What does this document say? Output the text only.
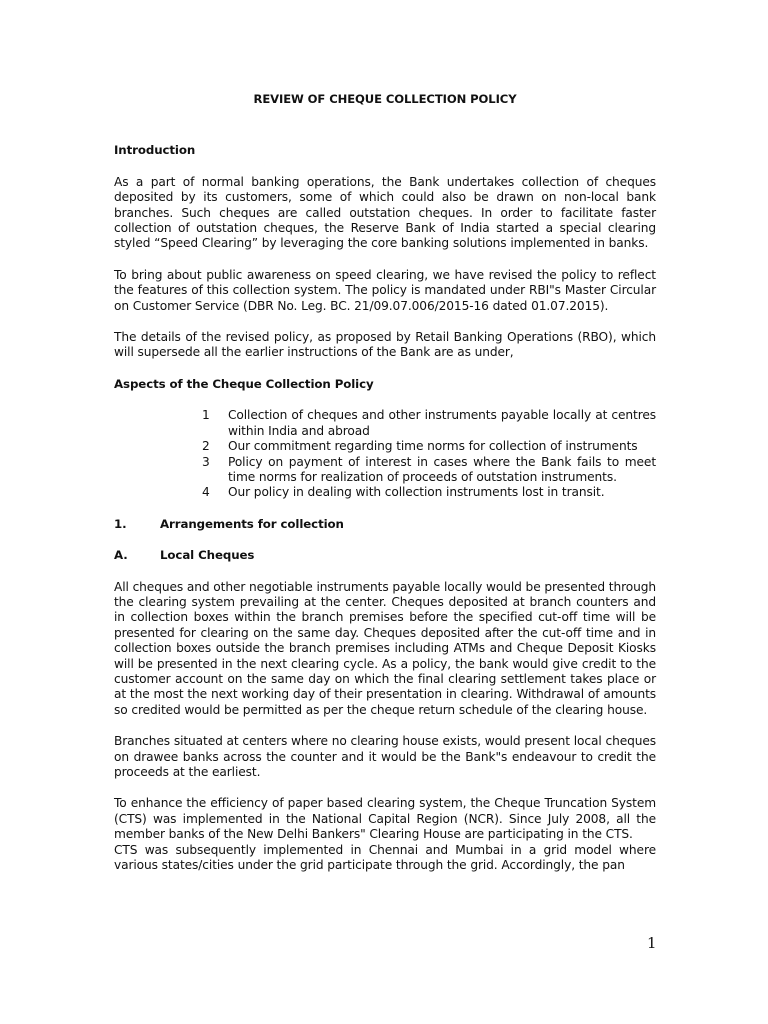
REVIEW OF CHEQUE COLLECTION POLICY
Introduction

As a part of normal banking operations, the Bank undertakes collection of cheques deposited by its customers, some of which could also be drawn on non-local bank branches. Such cheques are called outstation cheques. In order to facilitate faster collection of outstation cheques, the Reserve Bank of India started a special clearing styled “Speed Clearing” by leveraging the core banking solutions implemented in banks.

To bring about public awareness on speed clearing, we have revised the policy to reflect the features of this collection system. The policy is mandated under RBI"s Master Circular on Customer Service (DBR No. Leg. BC. 21/09.07.006/2015-16 dated 01.07.2015).

The details of the revised policy, as proposed by Retail Banking Operations (RBO), which will supersede all the earlier instructions of the Bank are as under,

Aspects of the Cheque Collection Policy
1	Collection of cheques and other instruments payable locally at centres within India and abroad
2	Our commitment regarding time norms for collection of instruments
3	Policy on payment of interest in cases where the Bank fails to meet time norms for realization of proceeds of outstation instruments.
4	Our policy in dealing with collection instruments lost in transit.
1.	Arrangements for collection
A.	Local Cheques

All cheques and other negotiable instruments payable locally would be presented through the clearing system prevailing at the center. Cheques deposited at branch counters and in collection boxes within the branch premises before the specified cut-off time will be presented for clearing on the same day. Cheques deposited after the cut-off time and in collection boxes outside the branch premises including ATMs and Cheque Deposit Kiosks will be presented in the next clearing cycle. As a policy, the bank would give credit to the customer account on the same day on which the final clearing settlement takes place or at the most the next working day of their presentation in clearing. Withdrawal of amounts so credited would be permitted as per the cheque return schedule of the clearing house.

Branches situated at centers where no clearing house exists, would present local cheques on drawee banks across the counter and it would be the Bank"s endeavour to credit the proceeds at the earliest.

To enhance the efficiency of paper based clearing system, the Cheque Truncation System (CTS) was implemented in the National Capital Region (NCR). Since July 2008, all the member banks of the New Delhi Bankers" Clearing House are participating in the CTS.

CTS was subsequently implemented in Chennai and Mumbai in a grid model where various states/cities under the grid participate through the grid. Accordingly, the pan

1
